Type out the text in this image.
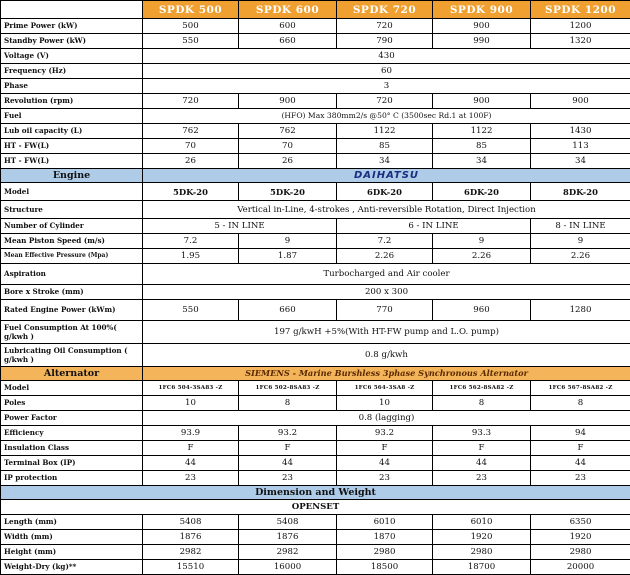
	SPDK 500	SPDK 600	SPDK 720	SPDK 900	SPDK 1200
Prime Power (kW)	500	600	720	900	1200
Standby Power (kW)	550	660	790	990	1320
Voltage (V)	430				
Frequency (Hz)	60				
Phase	3				
Revolution (rpm)	720	900	720	900	900
Fuel	(HFO) Max 380mm2/s @50° C (3500sec Rd.1 at 100F)				
Lub oil capacity (L)	762	762	1122	1122	1430
HT - FW(L)	70	70	85	85	113
HT - FW(L)	26	26	34	34	34
Engine	DAIHATSU				
Model	5DK-20	5DK-20	6DK-20	6DK-20	8DK-20
Structure	Vertical in-Line, 4-strokes , Anti-reversible Rotation, Direct Injection				
Number of Cylinder	5 - IN LINE		6 - IN LINE		8 - IN LINE
Mean Piston Speed (m/s)	7.2	9	7.2	9	9
Mean Effective Pressure (Mpa)	1.95	1.87	2.26	2.26	2.26
Aspiration	Turbocharged and Air cooler				
Bore x Stroke (mm)	200 x 300				
Rated Engine Power (kWm)	550	660	770	960	1280
Fuel Consumption At 100%( g/kwh )	197 g/kwH +5%(With HT-FW pump and L.O. pump)				
Lubricating Oil Consumption ( g/kwh )	0.8 g/kwh				
Alternator	SIEMENS - Marine Burshless 3phase Synchronous Alternator				
Model	1FC6 504-3SA83 -Z	1FC6 502-8SA83 -Z	1FC6 564-3SA8 -Z	1FC6 562-8SA82 -Z	1FC6 567-8SA82 -Z
Poles	10	8	10	8	8
Power Factor	0.8 (lagging)				
Efficiency	93.9	93.2	93.2	93.3	94
Insulation Class	F	F	F	F	F
Terminal Box (IP)	44	44	44	44	44
IP protection	23	23	23	23	23
Dimension and Weight					
OPENSET					
Length (mm)	5408	5408	6010	6010	6350
Width (mm)	1876	1876	1870	1920	1920
Height (mm)	2982	2982	2980	2980	2980
Weight-Dry (kg)**	15510	16000	18500	18700	20000
